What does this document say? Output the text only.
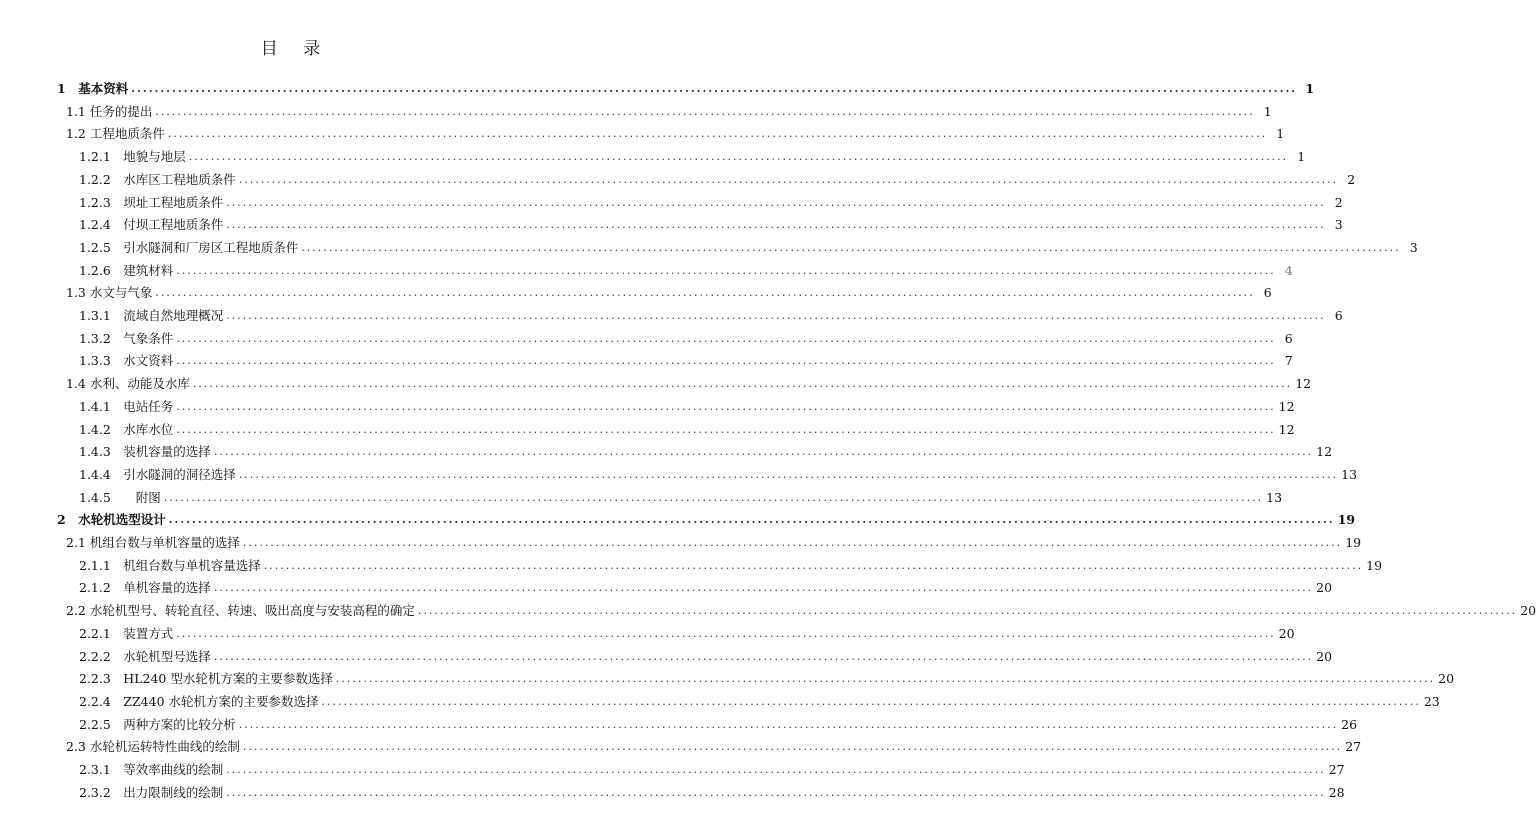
目 录
1　基本资料 ........................................................................................................................................................................................................ 1
1.1 任务的提出 ........................................................................................................................................................................................................ 1
1.2 工程地质条件 ........................................................................................................................................................................................................ 1
1.2.1　地貌与地层 ........................................................................................................................................................................................................ 1
1.2.2　水库区工程地质条件 ........................................................................................................................................................................................................ 2
1.2.3　坝址工程地质条件 ........................................................................................................................................................................................................ 2
1.2.4　付坝工程地质条件 ........................................................................................................................................................................................................ 3
1.2.5　引水隧洞和厂房区工程地质条件 ........................................................................................................................................................................................................ 3
1.2.6　建筑材料 ........................................................................................................................................................................................................ 4
1.3 水文与气象 ........................................................................................................................................................................................................ 6
1.3.1　流域自然地理概况 ........................................................................................................................................................................................................ 6
1.3.2　气象条件 ........................................................................................................................................................................................................ 6
1.3.3　水文资料 ........................................................................................................................................................................................................ 7
1.4 水利、动能及水库 ........................................................................................................................................................................................................ 12
1.4.1　电站任务 ........................................................................................................................................................................................................ 12
1.4.2　水库水位 ........................................................................................................................................................................................................ 12
1.4.3　装机容量的选择 ........................................................................................................................................................................................................ 12
1.4.4　引水隧洞的洞径选择 ........................................................................................................................................................................................................ 13
1.4.5　　附图 ........................................................................................................................................................................................................ 13
2　水轮机选型设计 ........................................................................................................................................................................................................ 19
2.1 机组台数与单机容量的选择 ........................................................................................................................................................................................................ 19
2.1.1　机组台数与单机容量选择 ........................................................................................................................................................................................................ 19
2.1.2　单机容量的选择 ........................................................................................................................................................................................................ 20
2.2 水轮机型号、转轮直径、转速、吸出高度与安装高程的确定 ........................................................................................................................................................................................................ 20
2.2.1　装置方式 ........................................................................................................................................................................................................ 20
2.2.2　水轮机型号选择 ........................................................................................................................................................................................................ 20
2.2.3　HL240 型水轮机方案的主要参数选择 ........................................................................................................................................................................................................ 20
2.2.4　ZZ440 水轮机方案的主要参数选择 ........................................................................................................................................................................................................ 23
2.2.5　两种方案的比较分析 ........................................................................................................................................................................................................ 26
2.3 水轮机运转特性曲线的绘制 ........................................................................................................................................................................................................ 27
2.3.1　等效率曲线的绘制 ........................................................................................................................................................................................................ 27
2.3.2　出力限制线的绘制 ........................................................................................................................................................................................................ 28
